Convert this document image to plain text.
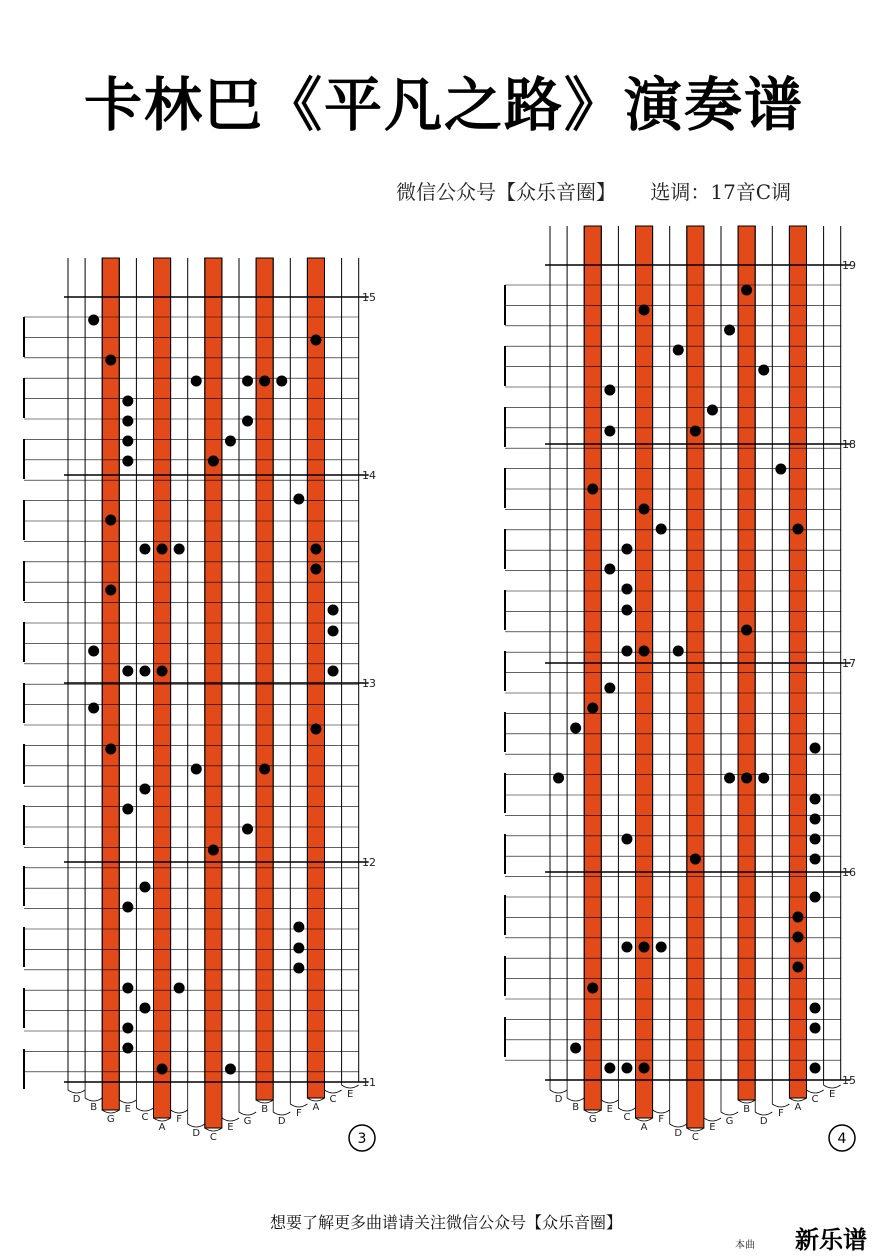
卡林巴《平凡之路》演奏谱
微信公众号【众乐音圈】 选调：17音C调
15
14
13
12
11
D
B
G
E
C
A
F
D C
E
G
B
D
F
A
C E
3
19
18
17
16
15
D
B
G
E
C
A
F
D C
E
G
B
D
F
A
C E
4
想要了解更多曲谱请关注微信公众号【众乐音圈】
本曲 新乐谱
